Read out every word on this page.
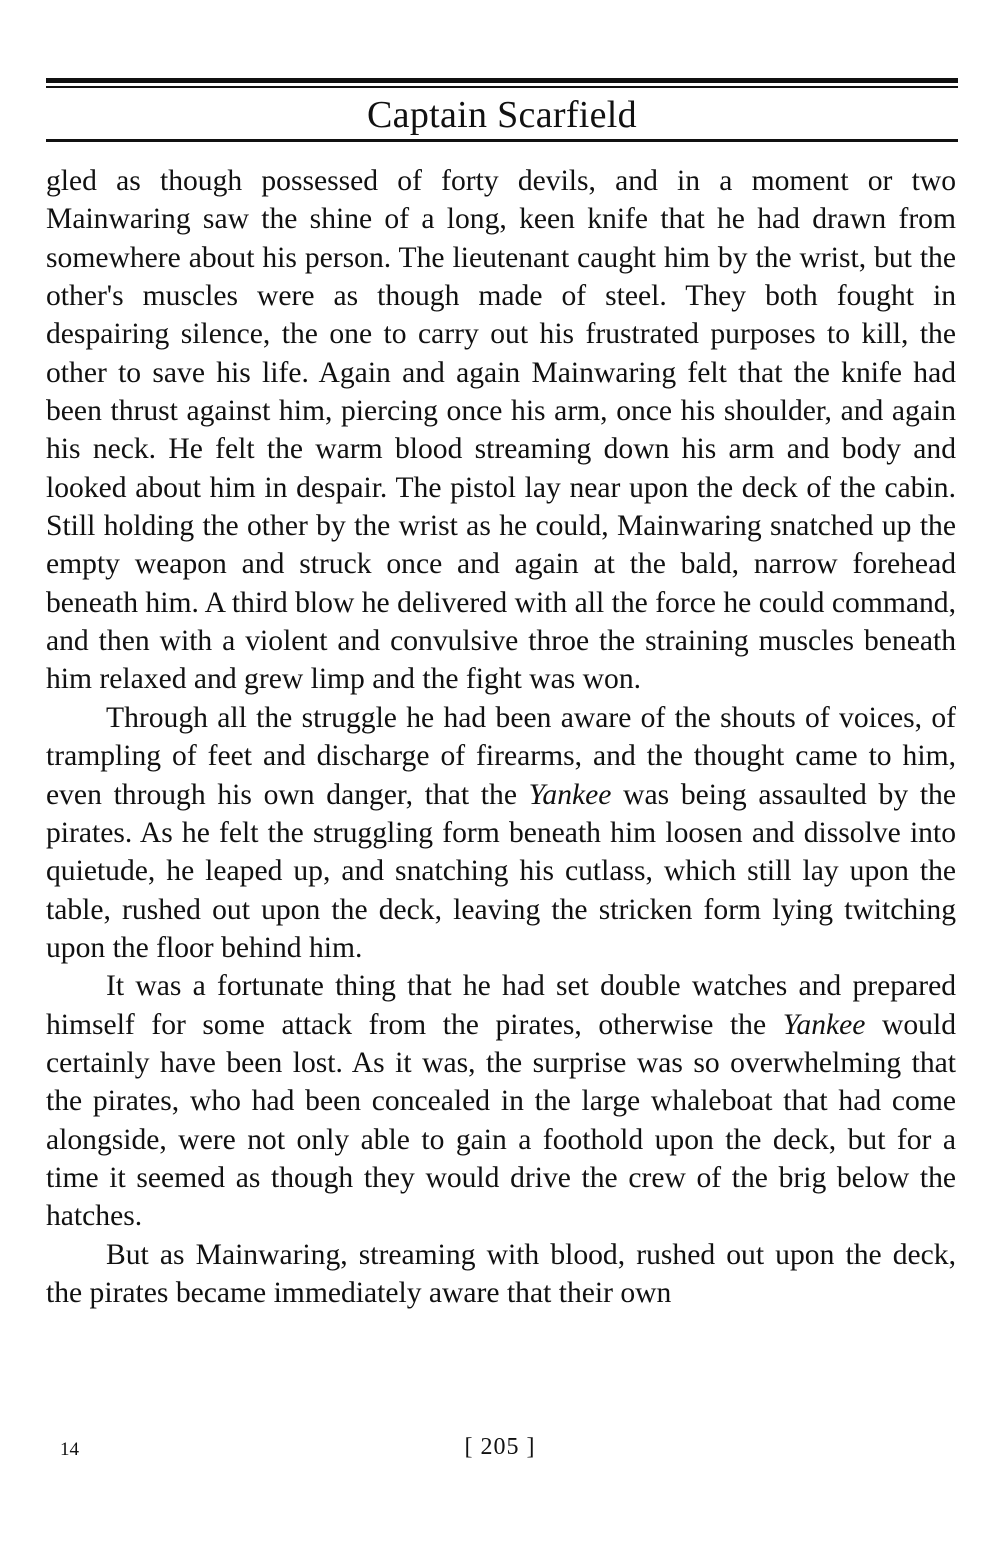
Captain Scarfield

gled as though possessed of forty devils, and in a moment or two Mainwaring saw the shine of a long, keen knife that he had drawn from somewhere about his person. The lieutenant caught him by the wrist, but the other's muscles were as though made of steel. They both fought in despairing silence, the one to carry out his frustrated purposes to kill, the other to save his life. Again and again Mainwaring felt that the knife had been thrust against him, piercing once his arm, once his shoulder, and again his neck. He felt the warm blood streaming down his arm and body and looked about him in despair. The pistol lay near upon the deck of the cabin. Still holding the other by the wrist as he could, Mainwaring snatched up the empty weapon and struck once and again at the bald, narrow forehead beneath him. A third blow he delivered with all the force he could command, and then with a violent and convulsive throe the straining muscles beneath him relaxed and grew limp and the fight was won.

Through all the struggle he had been aware of the shouts of voices, of trampling of feet and discharge of firearms, and the thought came to him, even through his own danger, that the Yankee was being assaulted by the pirates. As he felt the struggling form beneath him loosen and dissolve into quietude, he leaped up, and snatching his cutlass, which still lay upon the table, rushed out upon the deck, leaving the stricken form lying twitching upon the floor behind him.

It was a fortunate thing that he had set double watches and prepared himself for some attack from the pirates, otherwise the Yankee would certainly have been lost. As it was, the surprise was so overwhelming that the pirates, who had been concealed in the large whaleboat that had come alongside, were not only able to gain a foothold upon the deck, but for a time it seemed as though they would drive the crew of the brig below the hatches.

But as Mainwaring, streaming with blood, rushed out upon the deck, the pirates became immediately aware that their own

14	[ 205 ]
